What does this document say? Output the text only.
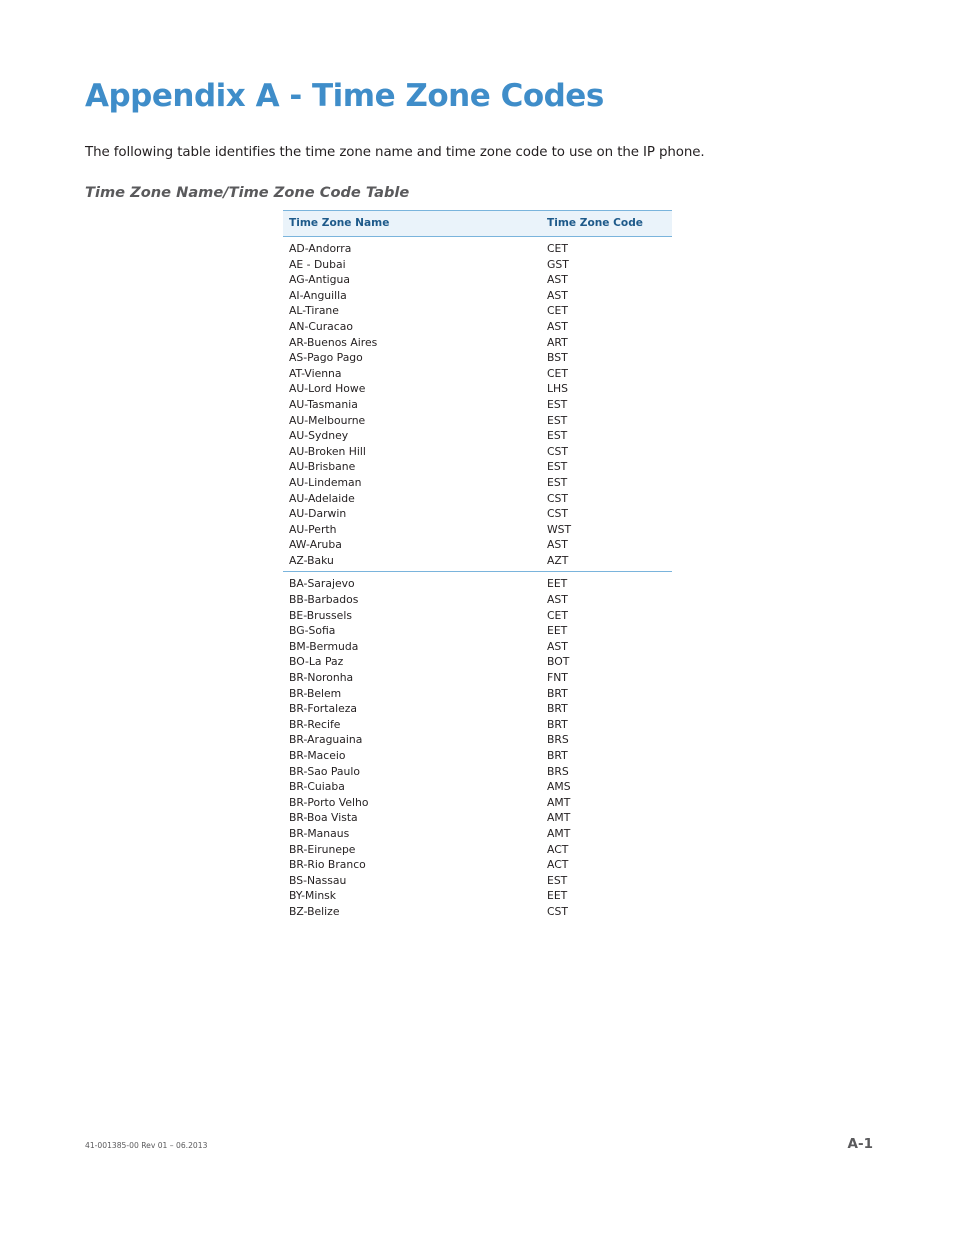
Appendix A - Time Zone Codes

The following table identifies the time zone name and time zone code to use on the IP phone.

Time Zone Name/Time Zone Code Table
Time Zone Name	Time Zone Code
AD-Andorra	CET
AE - Dubai	GST
AG-Antigua	AST
AI-Anguilla	AST
AL-Tirane	CET
AN-Curacao	AST
AR-Buenos Aires	ART
AS-Pago Pago	BST
AT-Vienna	CET
AU-Lord Howe	LHS
AU-Tasmania	EST
AU-Melbourne	EST
AU-Sydney	EST
AU-Broken Hill	CST
AU-Brisbane	EST
AU-Lindeman	EST
AU-Adelaide	CST
AU-Darwin	CST
AU-Perth	WST
AW-Aruba	AST
AZ-Baku	AZT
BA-Sarajevo	EET
BB-Barbados	AST
BE-Brussels	CET
BG-Sofia	EET
BM-Bermuda	AST
BO-La Paz	BOT
BR-Noronha	FNT
BR-Belem	BRT
BR-Fortaleza	BRT
BR-Recife	BRT
BR-Araguaina	BRS
BR-Maceio	BRT
BR-Sao Paulo	BRS
BR-Cuiaba	AMS
BR-Porto Velho	AMT
BR-Boa Vista	AMT
BR-Manaus	AMT
BR-Eirunepe	ACT
BR-Rio Branco	ACT
BS-Nassau	EST
BY-Minsk	EET
BZ-Belize	CST
41-001385-00 Rev 01 – 06.2013	A-1
